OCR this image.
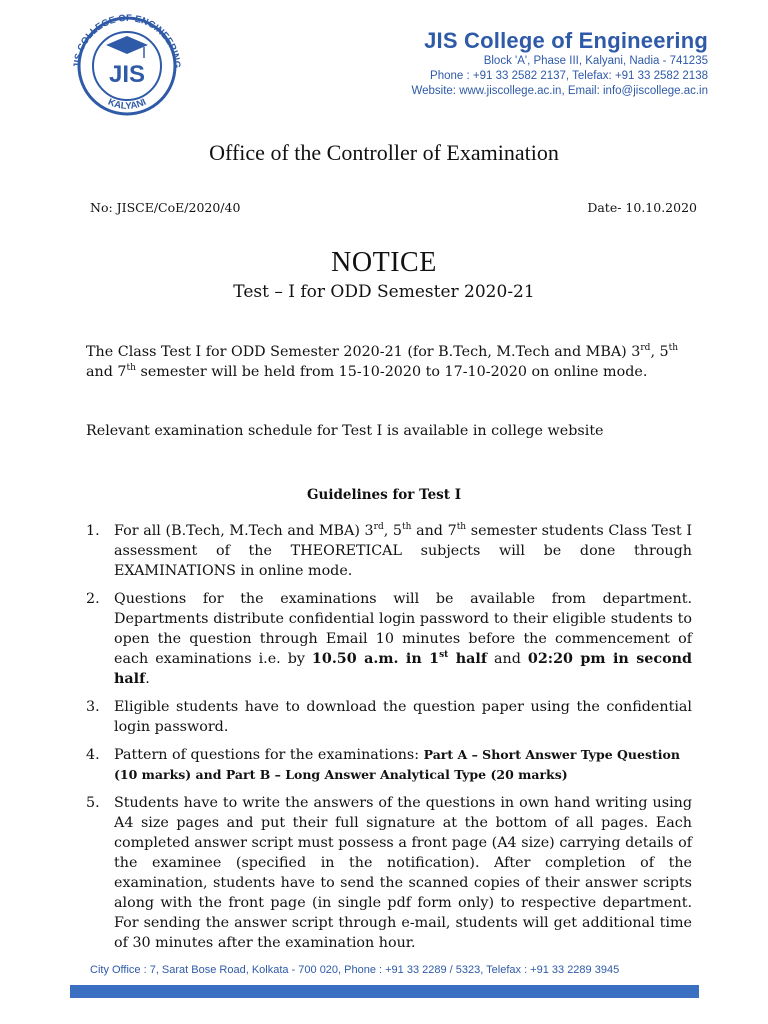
JIS COLLEGE OF ENGINEERING
KALYANI
JIS
JIS College of Engineering
Block 'A', Phase III, Kalyani, Nadia - 741235
Phone : +91 33 2582 2137, Telefax: +91 33 2582 2138
Website: www.jiscollege.ac.in, Email: info@jiscollege.ac.in
Office of the Controller of Examination
No: JISCE/CoE/2020/40	Date- 10.10.2020
NOTICE
Test – I for ODD Semester 2020-21
The Class Test I for ODD Semester 2020-21 (for B.Tech, M.Tech and MBA) 3rd, 5th and 7th semester will be held from 15-10-2020 to 17-10-2020 on online mode.
Relevant examination schedule for Test I is available in college website
Guidelines for Test I
1. For all (B.Tech, M.Tech and MBA) 3rd, 5th and 7th semester students Class Test I assessment of the THEORETICAL subjects will be done through EXAMINATIONS in online mode.
2. Questions for the examinations will be available from department. Departments distribute confidential login password to their eligible students to open the question through Email 10 minutes before the commencement of each examinations i.e. by 10.50 a.m. in 1st half and 02:20 pm in second half.
3. Eligible students have to download the question paper using the confidential login password.
4. Pattern of questions for the examinations: Part A – Short Answer Type Question (10 marks) and Part B – Long Answer Analytical Type (20 marks)
5. Students have to write the answers of the questions in own hand writing using A4 size pages and put their full signature at the bottom of all pages. Each completed answer script must possess a front page (A4 size) carrying details of the examinee (specified in the notification). After completion of the examination, students have to send the scanned copies of their answer scripts along with the front page (in single pdf form only) to respective department. For sending the answer script through e-mail, students will get additional time of 30 minutes after the examination hour.
City Office : 7, Sarat Bose Road, Kolkata - 700 020, Phone : +91 33 2289 / 5323, Telefax : +91 33 2289 3945
